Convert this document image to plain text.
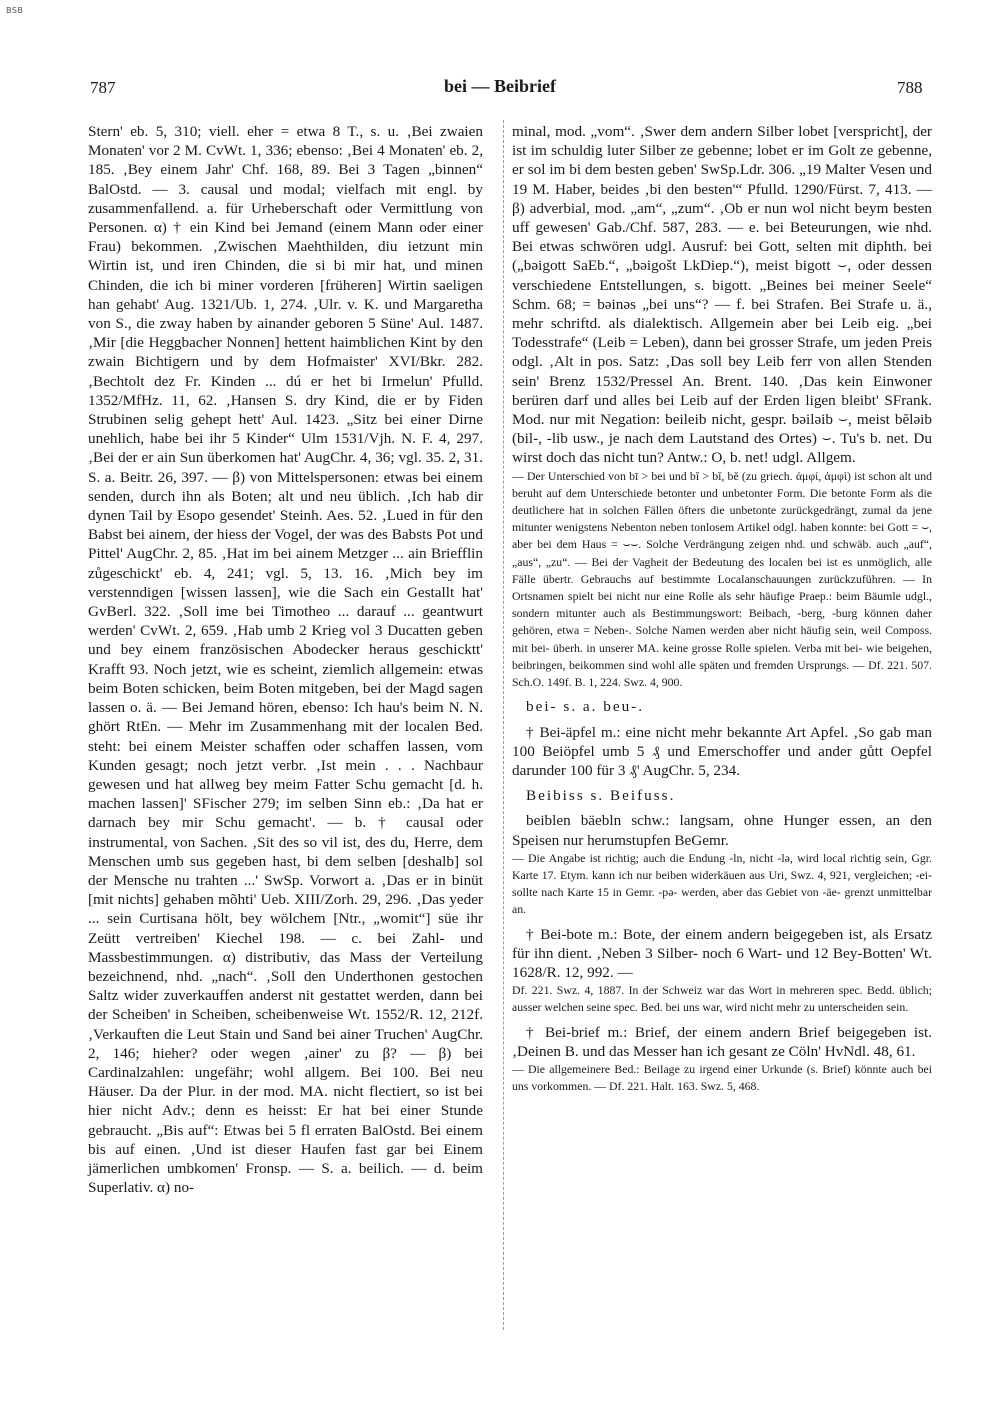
BSB
787	bei — Beibrief	788

Stern' eb. 5, 310; viell. eher = etwa 8 T., s. u. ‚Bei zwaien Monaten' vor 2 M. CvWt. 1, 336; ebenso: ‚Bei 4 Monaten' eb. 2, 185. ‚Bey einem Jahr' Chf. 168, 89. Bei 3 Tagen „binnen“ BalOstd. — 3. causal und modal; vielfach mit engl. by zusammenfallend. a. für Urheberschaft oder Vermittlung von Personen. α) † ein Kind bei Jemand (einem Mann oder einer Frau) bekommen. ‚Zwischen Maehthilden, diu ietzunt min Wirtin ist, und iren Chinden, die si bi mir hat, und minen Chinden, die ich bi miner vorderen [früheren] Wirtin saeligen han gehabt' Aug. 1321/Ub. 1, 274. ‚Ulr. v. K. und Margaretha von S., die zway haben by ainander geboren 5 Süne' Aul. 1487. ‚Mir [die Heggbacher Nonnen] hettent haimblichen Kint by den zwain Bichtigern und by dem Hofmaister' XVI/Bkr. 282. ‚Bechtolt dez Fr. Kinden ... dú er het bi Irmelun' Pfulld. 1352/MfHz. 11, 62. ‚Hansen S. dry Kind, die er by Fiden Strubinen selig gehept hett' Aul. 1423. „Sitz bei einer Dirne unehlich, habe bei ihr 5 Kinder“ Ulm 1531/Vjh. N. F. 4, 297. ‚Bei der er ain Sun überkomen hat' AugChr. 4, 36; vgl. 35. 2, 31. S. a. Beitr. 26, 397. — β) von Mittelspersonen: etwas bei einem senden, durch ihn als Boten; alt und neu üblich. ‚Ich hab dir dynen Tail by Esopo gesendet' Steinh. Aes. 52. ‚Lued in für den Babst bei ainem, der hiess der Vogel, der was des Babsts Pot und Pittel' AugChr. 2, 85. ‚Hat im bei ainem Metzger ... ain Briefflin zůgeschickt' eb. 4, 241; vgl. 5, 13. 16. ‚Mich bey im verstenndigen [wissen lassen], wie die Sach ein Gestallt hat' GvBerl. 322. ‚Soll ime bei Timotheo ... darauf ... geantwurt werden' CvWt. 2, 659. ‚Hab umb 2 Krieg vol 3 Ducatten geben und bey einem französischen Abodecker heraus geschicktt' Krafft 93. Noch jetzt, wie es scheint, ziemlich allgemein: etwas beim Boten schicken, beim Boten mitgeben, bei der Magd sagen lassen o. ä. — Bei Jemand hören, ebenso: Ich hau's beim N. N. ghört RtEn. — Mehr im Zusammenhang mit der localen Bed. steht: bei einem Meister schaffen oder schaffen lassen, vom Kunden gesagt; noch jetzt verbr. ‚Ist mein . . . Nachbaur gewesen und hat allweg bey meim Fatter Schu gemacht [d. h. machen lassen]' SFischer 279; im selben Sinn eb.: ‚Da hat er darnach bey mir Schu gemacht'. — b. † causal oder instrumental, von Sachen. ‚Sit des so vil ist, des du, Herre, dem Menschen umb sus gegeben hast, bi dem selben [deshalb] sol der Mensche nu trahten ...' SwSp. Vorwort a. ‚Das er in binüt [mit nichts] gehaben mõhti' Ueb. XIII/Zorh. 29, 296. ‚Das yeder ... sein Curtisana hölt, bey wölchem [Ntr., „womit“] süe ihr Zeütt vertreiben' Kiechel 198. — c. bei Zahl- und Massbestimmungen. α) distributiv, das Mass der Verteilung bezeichnend, nhd. „nach“. ‚Soll den Underthonen gestochen Saltz wider zuverkauffen anderst nit gestattet werden, dann bei der Scheiben' in Scheiben, scheibenweise Wt. 1552/R. 12, 212f. ‚Verkauften die Leut Stain und Sand bei ainer Truchen' AugChr. 2, 146; hieher? oder wegen ‚ainer' zu β? — β) bei Cardinalzahlen: ungefähr; wohl allgem. Bei 100. Bei neu Häuser. Da der Plur. in der mod. MA. nicht flectiert, so ist bei hier nicht Adv.; denn es heisst: Er hat bei einer Stunde gebraucht. „Bis auf“: Etwas bei 5 fl erraten BalOstd. Bei einem bis auf einen. ‚Und ist dieser Haufen fast gar bei Einem jämerlichen umbkomen' Fronsp. — S. a. beilich. — d. beim Superlativ. α) no-

minal, mod. „vom“. ‚Swer dem andern Silber lobet [verspricht], der ist im schuldig luter Silber ze gebenne; lobet er im Golt ze gebenne, er sol im bi dem besten geben' SwSp.Ldr. 306. „19 Malter Vesen und 19 M. Haber, beides ‚bi den besten'“ Pfulld. 1290/Fürst. 7, 413. — β) adverbial, mod. „am“, „zum“. ‚Ob er nun wol nicht beym besten uff gewesen' Gab./Chf. 587, 283. — e. bei Beteurungen, wie nhd. Bei etwas schwören udgl. Ausruf: bei Gott, selten mit diphth. bei („bəigott SaEb.“, „bəigošt LkDiep.“), meist bigott ⌣, oder dessen verschiedene Entstellungen, s. bigott. „Beines bei meiner Seele“ Schm. 68; = bəinəs „bei uns“? — f. bei Strafen. Bei Strafe u. ä., mehr schriftd. als dialektisch. Allgemein aber bei Leib eig. „bei Todesstrafe“ (Leib = Leben), dann bei grosser Strafe, um jeden Preis odgl. ‚Alt in pos. Satz: ‚Das soll bey Leib ferr von allen Stenden sein' Brenz 1532/Pressel An. Brent. 140. ‚Das kein Einwoner berüren darf und alles bei Leib auf der Erden ligen bleibt' SFrank. Mod. nur mit Negation: beileib nicht, gespr. bəiləib ⌣, meist bĕləib (bil-, -lib usw., je nach dem Lautstand des Ortes) ⌣. Tu's b. net. Du wirst doch das nicht tun? Antw.: O, b. net! udgl. Allgem.

— Der Unterschied von bī > bei und bĭ > bĭ, bĕ (zu griech. ἀμφί, ἀμφὶ) ist schon alt und beruht auf dem Unterschiede betonter und unbetonter Form. Die betonte Form als die deutlichere hat in solchen Fällen öfters die unbetonte zurückgedrängt, zumal da jene mitunter wenigstens Nebenton neben tonlosem Artikel odgl. haben konnte: bei Gott = ⌣, aber bei dem Haus = ⌣⌣. Solche Verdrängung zeigen nhd. und schwäb. auch „auf“, „aus“, „zu“. — Bei der Vagheit der Bedeutung des localen bei ist es unmöglich, alle Fälle übertr. Gebrauchs auf bestimmte Localanschauungen zurückzuführen. — In Ortsnamen spielt bei nicht nur eine Rolle als sehr häufige Praep.: beim Bäumle udgl., sondern mitunter auch als Bestimmungswort: Beibach, -berg, -burg können daher gehören, etwa = Neben-. Solche Namen werden aber nicht häufig sein, weil Composs. mit bei- überh. in unserer MA. keine grosse Rolle spielen. Verba mit bei- wie beigehen, beibringen, beikommen sind wohl alle späten und fremden Ursprungs. — Df. 221. 507. Sch.O. 149f. B. 1, 224. Swz. 4, 900.

bei- s. a. beu-.

† Bei-äpfel m.: eine nicht mehr bekannte Art Apfel. ‚So gab man 100 Beiöpfel umb 5 ₰ und Emerschoffer und ander gůtt Oepfel darunder 100 für 3 ₰' AugChr. 5, 234.

Beibiss s. Beifuss.

beiblen bäebln schw.: langsam, ohne Hunger essen, an den Speisen nur herumstupfen BeGemr.

— Die Angabe ist richtig; auch die Endung -ln, nicht -lə, wird local richtig sein, Ggr. Karte 17. Etym. kann ich nur beiben widerkäuen aus Uri, Swz. 4, 921, vergleichen; -ei- sollte nach Karte 15 in Gemr. -pə- werden, aber das Gebiet von -äe- grenzt unmittelbar an.

† Bei-bote m.: Bote, der einem andern beigegeben ist, als Ersatz für ihn dient. ‚Neben 3 Silber- noch 6 Wart- und 12 Bey-Botten' Wt. 1628/R. 12, 992. —

Df. 221. Swz. 4, 1887. In der Schweiz war das Wort in mehreren spec. Bedd. üblich; ausser welchen seine spec. Bed. bei uns war, wird nicht mehr zu unterscheiden sein.

† Bei-brief m.: Brief, der einem andern Brief beigegeben ist. ‚Deinen B. und das Messer han ich gesant ze Cöln' HvNdl. 48, 61.

— Die allgemeinere Bed.: Beilage zu irgend einer Urkunde (s. Brief) könnte auch bei uns vorkommen. — Df. 221. Halt. 163. Swz. 5, 468.
